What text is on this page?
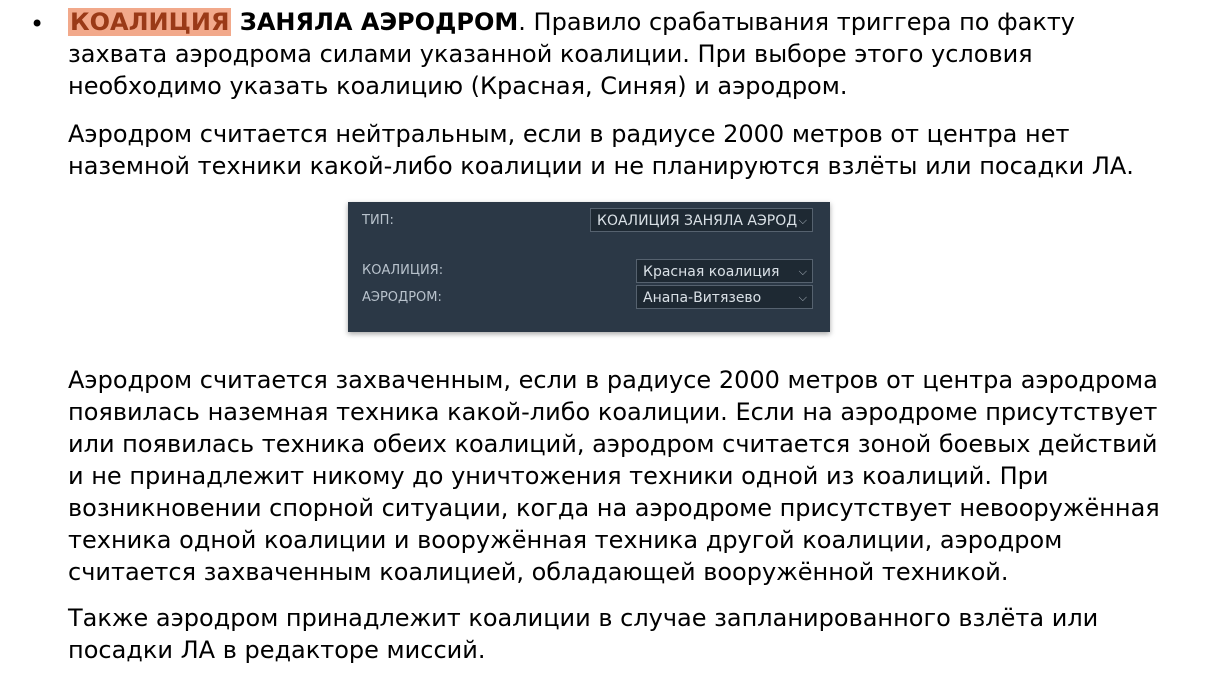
• КОАЛИЦИЯ ЗАНЯЛА АЭРОДРОМ. Правило срабатывания триггера по факту захвата аэродрома силами указанной коалиции. При выборе этого условия необходимо указать коалицию (Красная, Синяя) и аэродром.

Аэродром считается нейтральным, если в радиусе 2000 метров от центра нет наземной техники какой-либо коалиции и не планируются взлёты или посадки ЛА.

ТИП:	КОАЛИЦИЯ ЗАНЯЛА АЭРОД ⌵
КОАЛИЦИЯ:	Красная коалиция ⌵
АЭРОДРОМ:	Анапа-Витязево	⌵

Аэродром считается захваченным, если в радиусе 2000 метров от центра аэродрома появилась наземная техника какой-либо коалиции. Если на аэродроме присутствует или появилась техника обеих коалиций, аэродром считается зоной боевых действий и не принадлежит никому до уничтожения техники одной из коалиций. При возникновении спорной ситуации, когда на аэродроме присутствует невооружённая техника одной коалиции и вооружённая техника другой коалиции, аэродром считается захваченным коалицией, обладающей вооружённой техникой.

Также аэродром принадлежит коалиции в случае запланированного взлёта или посадки ЛА в редакторе миссий.
